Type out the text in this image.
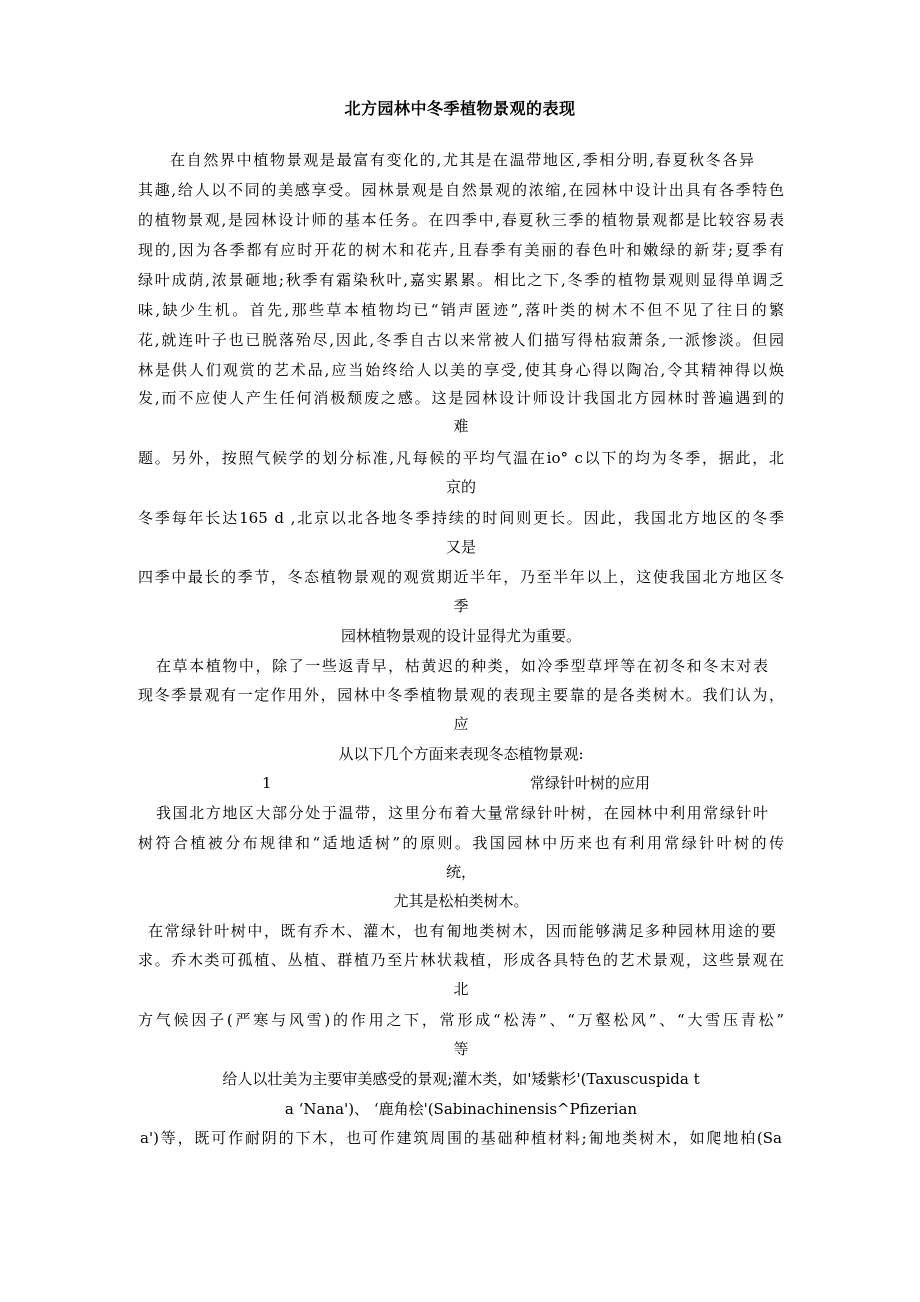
北方园林中冬季植物景观的表现
在自然界中植物景观是最富有变化的,尤其是在温带地区,季相分明,春夏秋冬各异
其趣,给人以不同的美感享受。园林景观是自然景观的浓缩,在园林中设计出具有各季特色
的植物景观,是园林设计师的基本任务。在四季中,春夏秋三季的植物景观都是比较容易表
现的,因为各季都有应时开花的树木和花卉,且春季有美丽的春色叶和嫩绿的新芽;夏季有
绿叶成荫,浓景砸地;秋季有霜染秋叶,嘉实累累。相比之下,冬季的植物景观则显得单调乏
味,缺少生机。首先,那些草本植物均已“销声匿迹”,落叶类的树木不但不见了往日的繁
花,就连叶子也已脱落殆尽,因此,冬季自古以来常被人们描写得枯寂萧条,一派惨淡。但园
林是供人们观赏的艺术品,应当始终给人以美的享受,使其身心得以陶冶,令其精神得以焕
发,而不应使人产生任何消极颓废之感。这是园林设计师设计我国北方园林时普遍遇到的
难
题。另外，按照气候学的划分标准,凡每候的平均气温在io° c以下的均为冬季，据此，北
京的
冬季每年长达165 d ,北京以北各地冬季持续的时间则更长。因此，我国北方地区的冬季
又是
四季中最长的季节，冬态植物景观的观赏期近半年，乃至半年以上，这使我国北方地区冬
季
园林植物景观的设计显得尤为重要。
在草本植物中，除了一些返青早，枯黄迟的种类，如冷季型草坪等在初冬和冬末对表
现冬季景观有一定作用外，园林中冬季植物景观的表现主要靠的是各类树木。我们认为，
应
从以下几个方面来表现冬态植物景观:
1	常绿针叶树的应用
我国北方地区大部分处于温带，这里分布着大量常绿针叶树，在园林中利用常绿针叶
树符合植被分布规律和“适地适树”的原则。我国园林中历来也有利用常绿针叶树的传
统，
尤其是松柏类树木。
在常绿针叶树中，既有乔木、灌木，也有匍地类树木，因而能够满足多种园林用途的要
求。乔木类可孤植、丛植、群植乃至片林状栽植，形成各具特色的艺术景观，这些景观在
北
方气候因子(严寒与风雪)的作用之下，常形成“松涛”、“万壑松风”、“大雪压青松”
等
给人以壮美为主要审美感受的景观;灌木类，如'矮紫杉'(Taxuscuspida t
a ‘Nana')、 ‘鹿角桧'(Sabinachinensis^Pfizerian
a')等，既可作耐阴的下木，也可作建筑周围的基础种植材料;匍地类树木，如爬地柏(Sa
